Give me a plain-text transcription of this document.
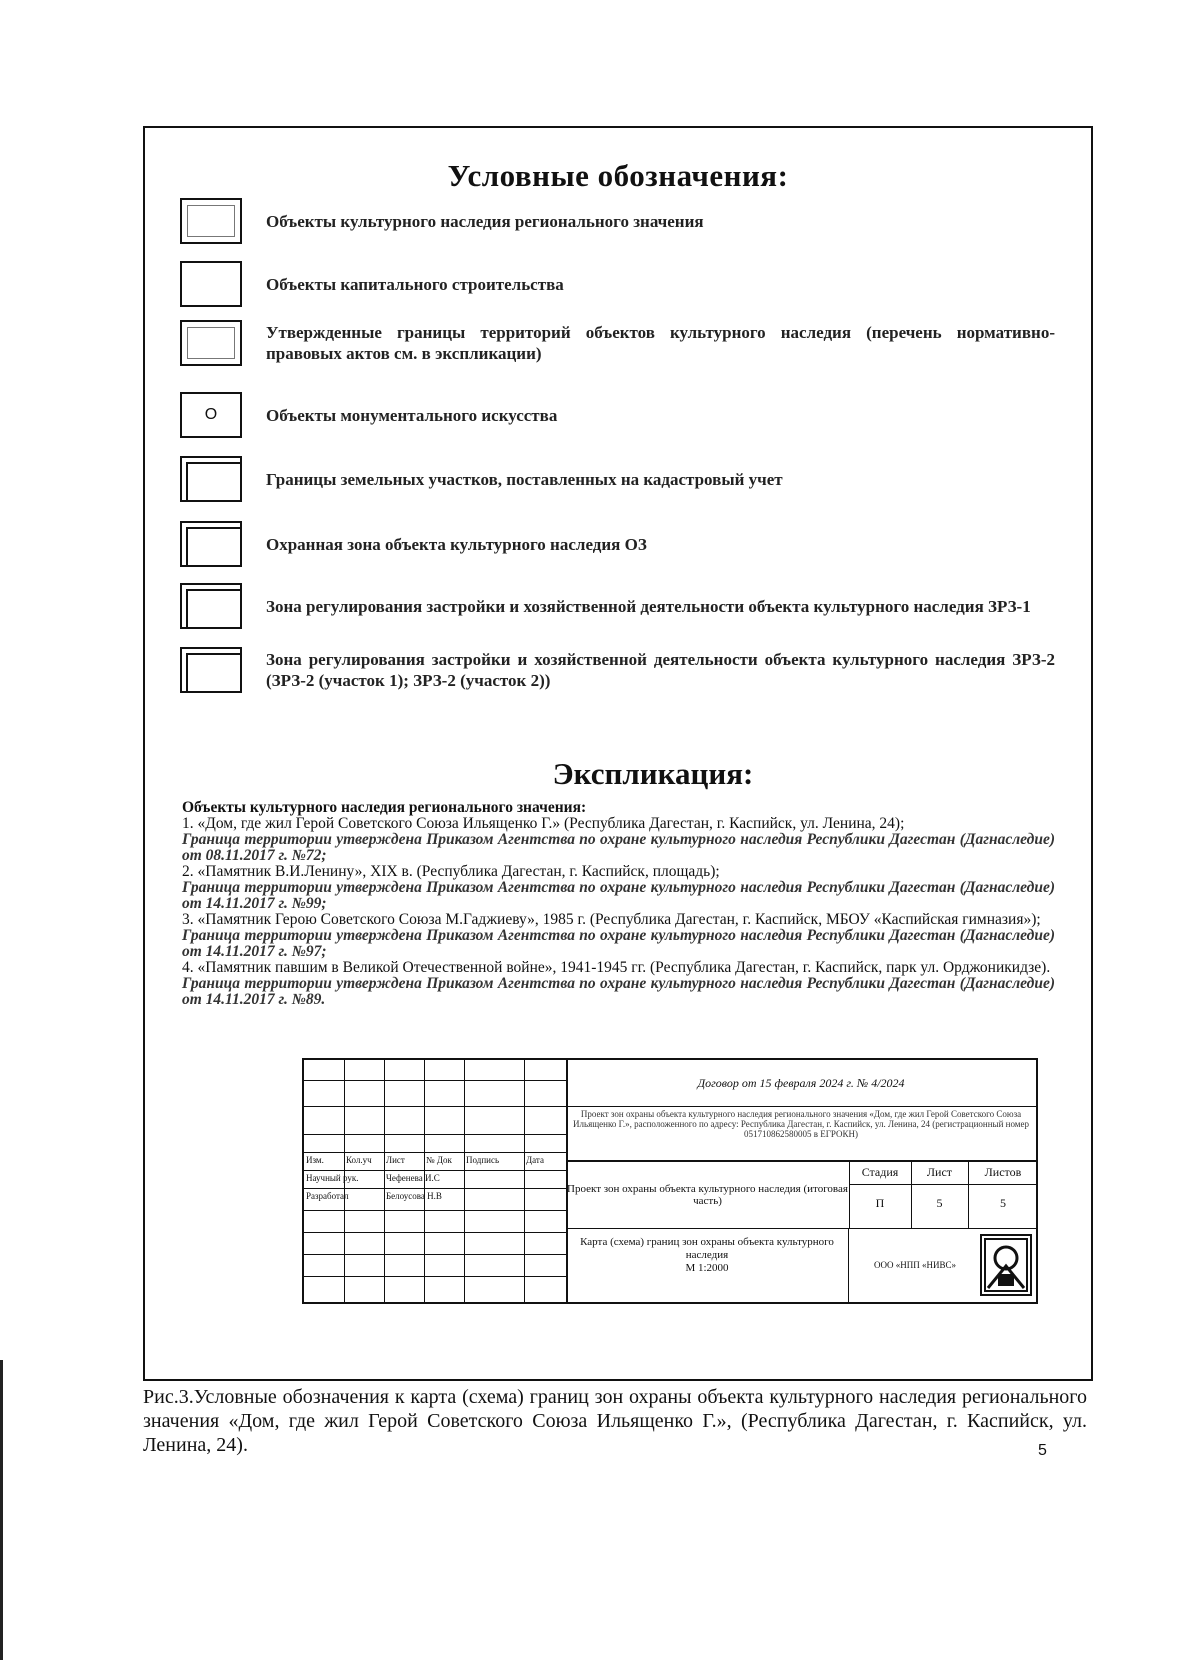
Условные обозначения:
Объекты культурного наследия регионального значения
Объекты капитального строительства
Утвержденные границы территорий объектов культурного наследия (перечень нормативно-правовых актов см. в экспликации)
О	Объекты монументального искусства
Границы земельных участков, поставленных на кадастровый учет
Охранная зона объекта культурного наследия ОЗ
Зона регулирования застройки и хозяйственной деятельности объекта культурного наследия ЗРЗ-1
Зона регулирования застройки и хозяйственной деятельности объекта культурного наследия ЗРЗ-2 (ЗРЗ-2 (участок 1); ЗРЗ-2 (участок 2))
Экспликация:

Объекты культурного наследия регионального значения:

1. «Дом, где жил Герой Советского Союза Ильященко Г.» (Республика Дагестан, г. Каспийск, ул. Ленина, 24);

Граница территории утверждена Приказом Агентства по охране культурного наследия Республики Дагестан (Дагнаследие) от 08.11.2017 г. №72;

2. «Памятник В.И.Ленину», XIX в. (Республика Дагестан, г. Каспийск, площадь);

Граница территории утверждена Приказом Агентства по охране культурного наследия Республики Дагестан (Дагнаследие) от 14.11.2017 г. №99;

3. «Памятник Герою Советского Союза М.Гаджиеву», 1985 г. (Республика Дагестан, г. Каспийск, МБОУ «Каспийская гимназия»);

Граница территории утверждена Приказом Агентства по охране культурного наследия Республики Дагестан (Дагнаследие) от 14.11.2017 г. №97;

4. «Памятник павшим в Великой Отечественной войне», 1941-1945 гг. (Республика Дагестан, г. Каспийск, парк ул. Орджоникидзе).

Граница территории утверждена Приказом Агентства по охране культурного наследия Республики Дагестан (Дагнаследие) от 14.11.2017 г. №89.

Изм.	Кол.уч	Лист	№ Док	Подпись	Дата
Научный рук.	Чефенева И.С
Разработал	Белоусова Н.В
Договор от 15 февраля 2024 г. № 4/2024
Проект зон охраны объекта культурного наследия регионального значения «Дом, где жил Герой Советского Союза Ильященко Г.», расположенного по адресу: Республика Дагестан, г. Каспийск, ул. Ленина, 24 (регистрационный номер 051710862580005 в ЕГРОКН)
Проект зон охраны объекта культурного наследия (итоговая часть)
Стадия	Лист	Листов
П	5	5
Карта (схема) границ зон охраны объекта культурного наследия
М 1:2000	ООО «НПП «НИВС»
Рис.3.Условные обозначения к карта (схема) границ зон охраны объекта культурного наследия регионального значения «Дом, где жил Герой Советского Союза Ильященко Г.», (Республика Дагестан, г. Каспийск, ул. Ленина, 24).	5
